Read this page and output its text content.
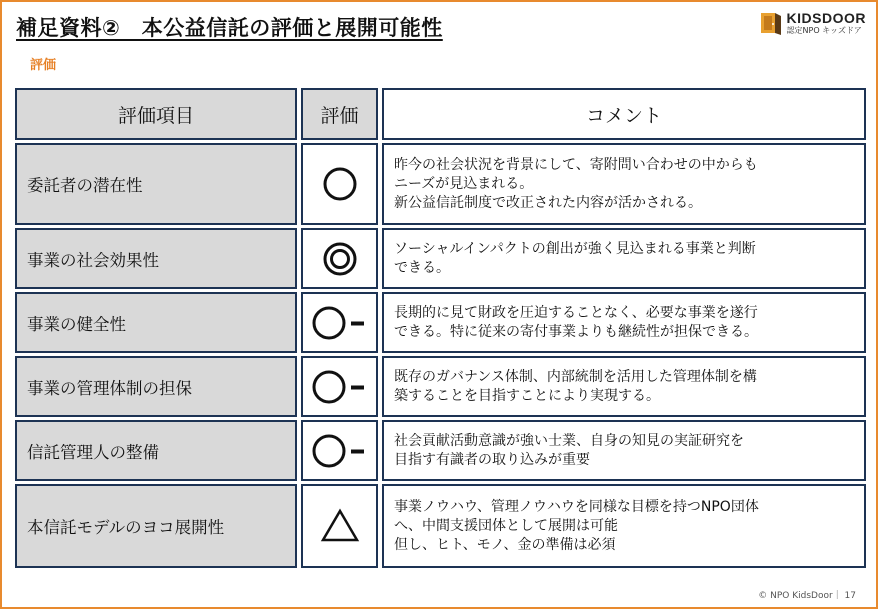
補足資料②　本公益信託の評価と展開可能性
評価
KIDSDOOR
認定NPO キッズドア
評価項目	評価	コメント
委託者の潜在性
昨今の社会状況を背景にして、寄附問い合わせの中からも
ニーズが見込まれる。
新公益信託制度で改正された内容が活かされる。
事業の社会効果性
ソーシャルインパクトの創出が強く見込まれる事業と判断
できる。
事業の健全性
長期的に見て財政を圧迫することなく、必要な事業を遂行
できる。特に従来の寄付事業よりも継続性が担保できる。
事業の管理体制の担保
既存のガバナンス体制、内部統制を活用した管理体制を構
築することを目指すことにより実現する。
信託管理人の整備
社会貢献活動意識が強い士業、自身の知見の実証研究を
目指す有識者の取り込みが重要
本信託モデルのヨコ展開性
事業ノウハウ、管理ノウハウを同様な目標を持つNPO団体
へ、中間支援団体として展開は可能
但し、ヒト、モノ、金の準備は必須
© NPO KidsDoor｜ 17
